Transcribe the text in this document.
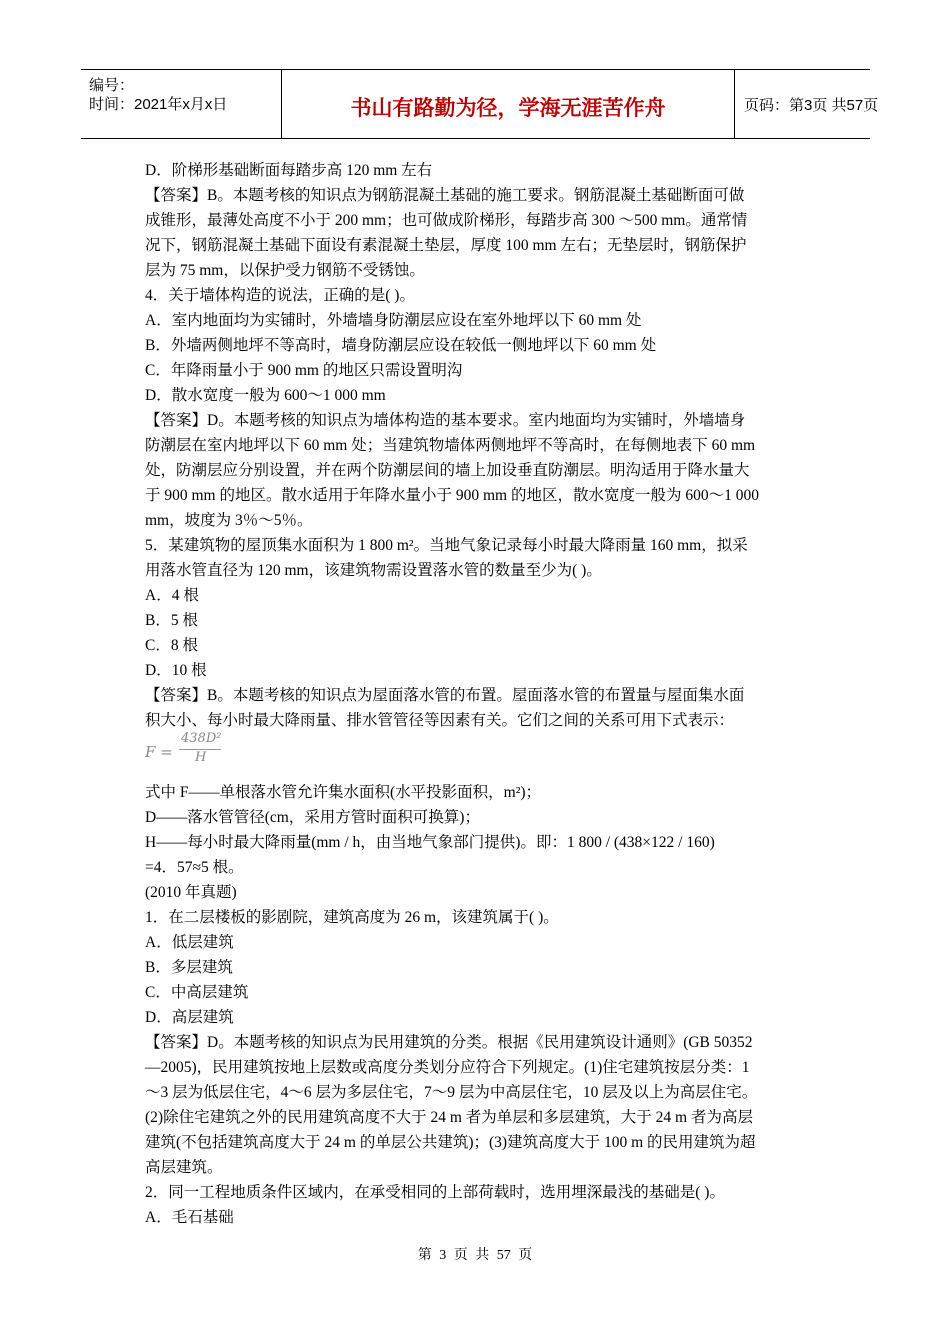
编号：
时间：2021年x月x日	书山有路勤为径，学海无涯苦作舟	页码：第3页 共57页
D．阶梯形基础断面每踏步高 120 mm 左右
【答案】B。本题考核的知识点为钢筋混凝土基础的施工要求。钢筋混凝土基础断面可做
成锥形，最薄处高度不小于 200 mm；也可做成阶梯形，每踏步高 300 ～500 mm。通常情
况下，钢筋混凝土基础下面设有素混凝土垫层，厚度 100 mm 左右；无垫层时，钢筋保护
层为 75 mm，以保护受力钢筋不受锈蚀。
4．关于墙体构造的说法，正确的是( )。
A．室内地面均为实铺时，外墙墙身防潮层应设在室外地坪以下 60 mm 处
B．外墙两侧地坪不等高时，墙身防潮层应设在较低一侧地坪以下 60 mm 处
C．年降雨量小于 900 mm 的地区只需设置明沟
D．散水宽度一般为 600～1 000 mm
【答案】D。本题考核的知识点为墙体构造的基本要求。室内地面均为实铺时，外墙墙身
防潮层在室内地坪以下 60 mm 处；当建筑物墙体两侧地坪不等高时，在每侧地表下 60 mm
处，防潮层应分别设置，并在两个防潮层间的墙上加设垂直防潮层。明沟适用于降水量大
于 900 mm 的地区。散水适用于年降水量小于 900 mm 的地区，散水宽度一般为 600～1 000
mm，坡度为 3％～5％。
5．某建筑物的屋顶集水面积为 1 800 m²。当地气象记录每小时最大降雨量 160 mm，拟采
用落水管直径为 120 mm，该建筑物需设置落水管的数量至少为( )。
A．4 根
B．5 根
C．8 根
D．10 根
【答案】B。本题考核的知识点为屋面落水管的布置。屋面落水管的布置量与屋面集水面
积大小、每小时最大降雨量、排水管管径等因素有关。它们之间的关系可用下式表示：
F =
438D²
H
式中 F——单根落水管允许集水面积(水平投影面积，m²)；
D——落水管管径(cm，采用方管时面积可换算)；
H——每小时最大降雨量(mm / h，由当地气象部门提供)。即：1 800 / (438×122 / 160)
=4．57≈5 根。
(2010 年真题)
1．在二层楼板的影剧院，建筑高度为 26 m，该建筑属于( )。
A．低层建筑
B．多层建筑
C．中高层建筑
D．高层建筑
【答案】D。本题考核的知识点为民用建筑的分类。根据《民用建筑设计通则》(GB 50352
—2005)，民用建筑按地上层数或高度分类划分应符合下列规定。(1)住宅建筑按层分类：1
～3 层为低层住宅，4～6 层为多层住宅，7～9 层为中高层住宅，10 层及以上为高层住宅。
(2)除住宅建筑之外的民用建筑高度不大于 24 m 者为单层和多层建筑，大于 24 m 者为高层
建筑(不包括建筑高度大于 24 m 的单层公共建筑)；(3)建筑高度大于 100 m 的民用建筑为超
高层建筑。
2．同一工程地质条件区域内，在承受相同的上部荷载时，选用埋深最浅的基础是( )。
A．毛石基础
第 3 页 共 57 页
